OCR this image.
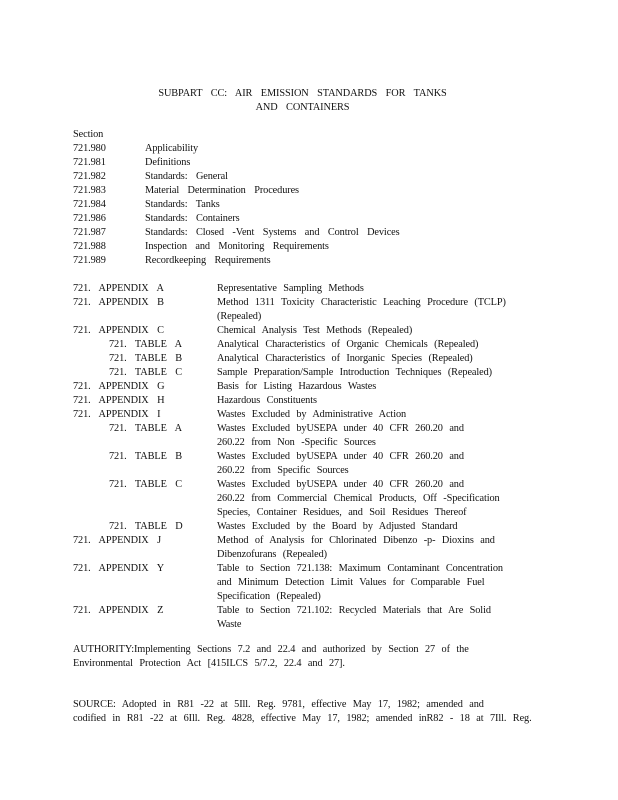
SUBPART CC: AIR EMISSION STANDARDS FOR TANKS
AND CONTAINERS
Section
721.980	Applicability
721.981	Definitions
721.982	Standards: General
721.983	Material Determination Procedures
721.984	Standards: Tanks
721.986	Standards: Containers
721.987	Standards: Closed -Vent Systems and Control Devices
721.988	Inspection and Monitoring Requirements
721.989	Recordkeeping Requirements
721. APPENDIX A	Representative Sampling Methods
721. APPENDIX B	Method 1311 Toxicity Characteristic Leaching Procedure (TCLP)
(Repealed)
721. APPENDIX C	Chemical Analysis Test Methods (Repealed)
721. TABLE A	Analytical Characteristics of Organic Chemicals (Repealed)
721. TABLE B	Analytical Characteristics of Inorganic Species (Repealed)
721. TABLE C	Sample Preparation/Sample Introduction Techniques (Repealed)
721. APPENDIX G	Basis for Listing Hazardous Wastes
721. APPENDIX H	Hazardous Constituents
721. APPENDIX I	Wastes Excluded by Administrative Action
721. TABLE A	Wastes Excluded byUSEPA under 40 CFR 260.20 and
260.22 from Non -Specific Sources
721. TABLE B	Wastes Excluded byUSEPA under 40 CFR 260.20 and
260.22 from Specific Sources
721. TABLE C	Wastes Excluded byUSEPA under 40 CFR 260.20 and
260.22 from Commercial Chemical Products, Off -Specification
Species, Container Residues, and Soil Residues Thereof
721. TABLE D	Wastes Excluded by the Board by Adjusted Standard
721. APPENDIX J	Method of Analysis for Chlorinated Dibenzo -p- Dioxins and
Dibenzofurans (Repealed)
721. APPENDIX Y	Table to Section 721.138: Maximum Contaminant Concentration
and Minimum Detection Limit Values for Comparable Fuel
Specification (Repealed)
721. APPENDIX Z	Table to Section 721.102: Recycled Materials that Are Solid
Waste
AUTHORITY:Implementing Sections 7.2 and 22.4 and authorized by Section 27 of the
Environmental Protection Act [415ILCS 5/7.2, 22.4 and 27].
SOURCE: Adopted in R81 -22 at 5Ill. Reg. 9781, effective May 17, 1982; amended and
codified in R81 -22 at 6Ill. Reg. 4828, effective May 17, 1982; amended inR82 - 18 at 7Ill. Reg.
